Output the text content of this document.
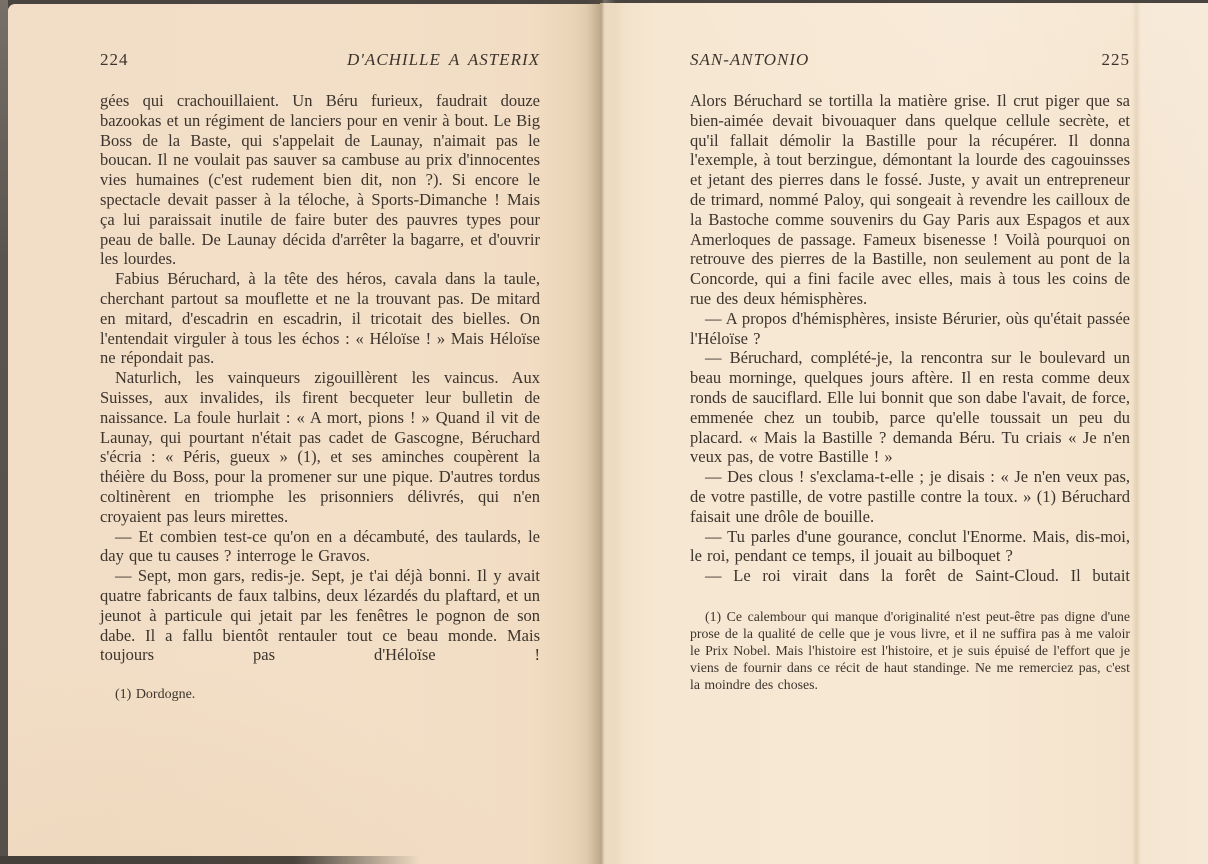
224	D'ACHILLE A ASTERIX

gées qui crachouillaient. Un Béru furieux, faudrait douze bazookas et un régiment de lanciers pour en venir à bout. Le Big Boss de la Baste, qui s'appelait de Launay, n'aimait pas le boucan. Il ne voulait pas sauver sa cambuse au prix d'innocentes vies humaines (c'est rudement bien dit, non ?). Si encore le spectacle devait passer à la téloche, à Sports-Dimanche ! Mais ça lui paraissait inutile de faire buter des pauvres types pour peau de balle. De Launay décida d'arrêter la bagarre, et d'ouvrir les lourdes.

Fabius Béruchard, à la tête des héros, cavala dans la taule, cherchant partout sa mouflette et ne la trouvant pas. De mitard en mitard, d'escadrin en escadrin, il tricotait des bielles. On l'entendait virguler à tous les échos : « Héloïse ! » Mais Héloïse ne répondait pas.

Naturlich, les vainqueurs zigouillèrent les vaincus. Aux Suisses, aux invalides, ils firent becqueter leur bulletin de naissance. La foule hurlait : « A mort, pions ! » Quand il vit de Launay, qui pourtant n'était pas cadet de Gascogne, Béruchard s'écria : « Péris, gueux » (1), et ses aminches coupèrent la théière du Boss, pour la promener sur une pique. D'autres tordus coltinèrent en triomphe les prisonniers délivrés, qui n'en croyaient pas leurs mirettes.

— Et combien test-ce qu'on en a décambuté, des taulards, le day que tu causes ? interroge le Gravos.

— Sept, mon gars, redis-je. Sept, je t'ai déjà bonni. Il y avait quatre fabricants de faux talbins, deux lézardés du plaftard, et un jeunot à particule qui jetait par les fenêtres le pognon de son dabe. Il a fallu bientôt rentauler tout ce beau monde. Mais toujours pas d'Héloïse !

(1) Dordogne.
SAN-ANTONIO	225

Alors Béruchard se tortilla la matière grise. Il crut piger que sa bien-aimée devait bivouaquer dans quelque cellule secrète, et qu'il fallait démolir la Bastille pour la récupérer. Il donna l'exemple, à tout berzingue, démontant la lourde des cagouinsses et jetant des pierres dans le fossé. Juste, y avait un entrepreneur de trimard, nommé Paloy, qui songeait à revendre les cailloux de la Bastoche comme souvenirs du Gay Paris aux Espagos et aux Amerloques de passage. Fameux bisenesse ! Voilà pourquoi on retrouve des pierres de la Bastille, non seulement au pont de la Concorde, qui a fini facile avec elles, mais à tous les coins de rue des deux hémisphères.

— A propos d'hémisphères, insiste Bérurier, oùs qu'était passée l'Héloïse ?

— Béruchard, complété-je, la rencontra sur le boulevard un beau morninge, quelques jours aftère. Il en resta comme deux ronds de sauciflard. Elle lui bonnit que son dabe l'avait, de force, emmenée chez un toubib, parce qu'elle toussait un peu du placard. « Mais la Bastille ? demanda Béru. Tu criais « Je n'en veux pas, de votre Bastille ! »

— Des clous ! s'exclama-t-elle ; je disais : « Je n'en veux pas, de votre pastille, de votre pastille contre la toux. » (1) Béruchard faisait une drôle de bouille.

— Tu parles d'une gourance, conclut l'Enorme. Mais, dis-moi, le roi, pendant ce temps, il jouait au bilboquet ?

— Le roi virait dans la forêt de Saint-Cloud. Il butait

(1) Ce calembour qui manque d'originalité n'est peut-être pas digne d'une prose de la qualité de celle que je vous livre, et il ne suffira pas à me valoir le Prix Nobel. Mais l'histoire est l'histoire, et je suis épuisé de l'effort que je viens de fournir dans ce récit de haut standinge. Ne me remerciez pas, c'est la moindre des choses.
